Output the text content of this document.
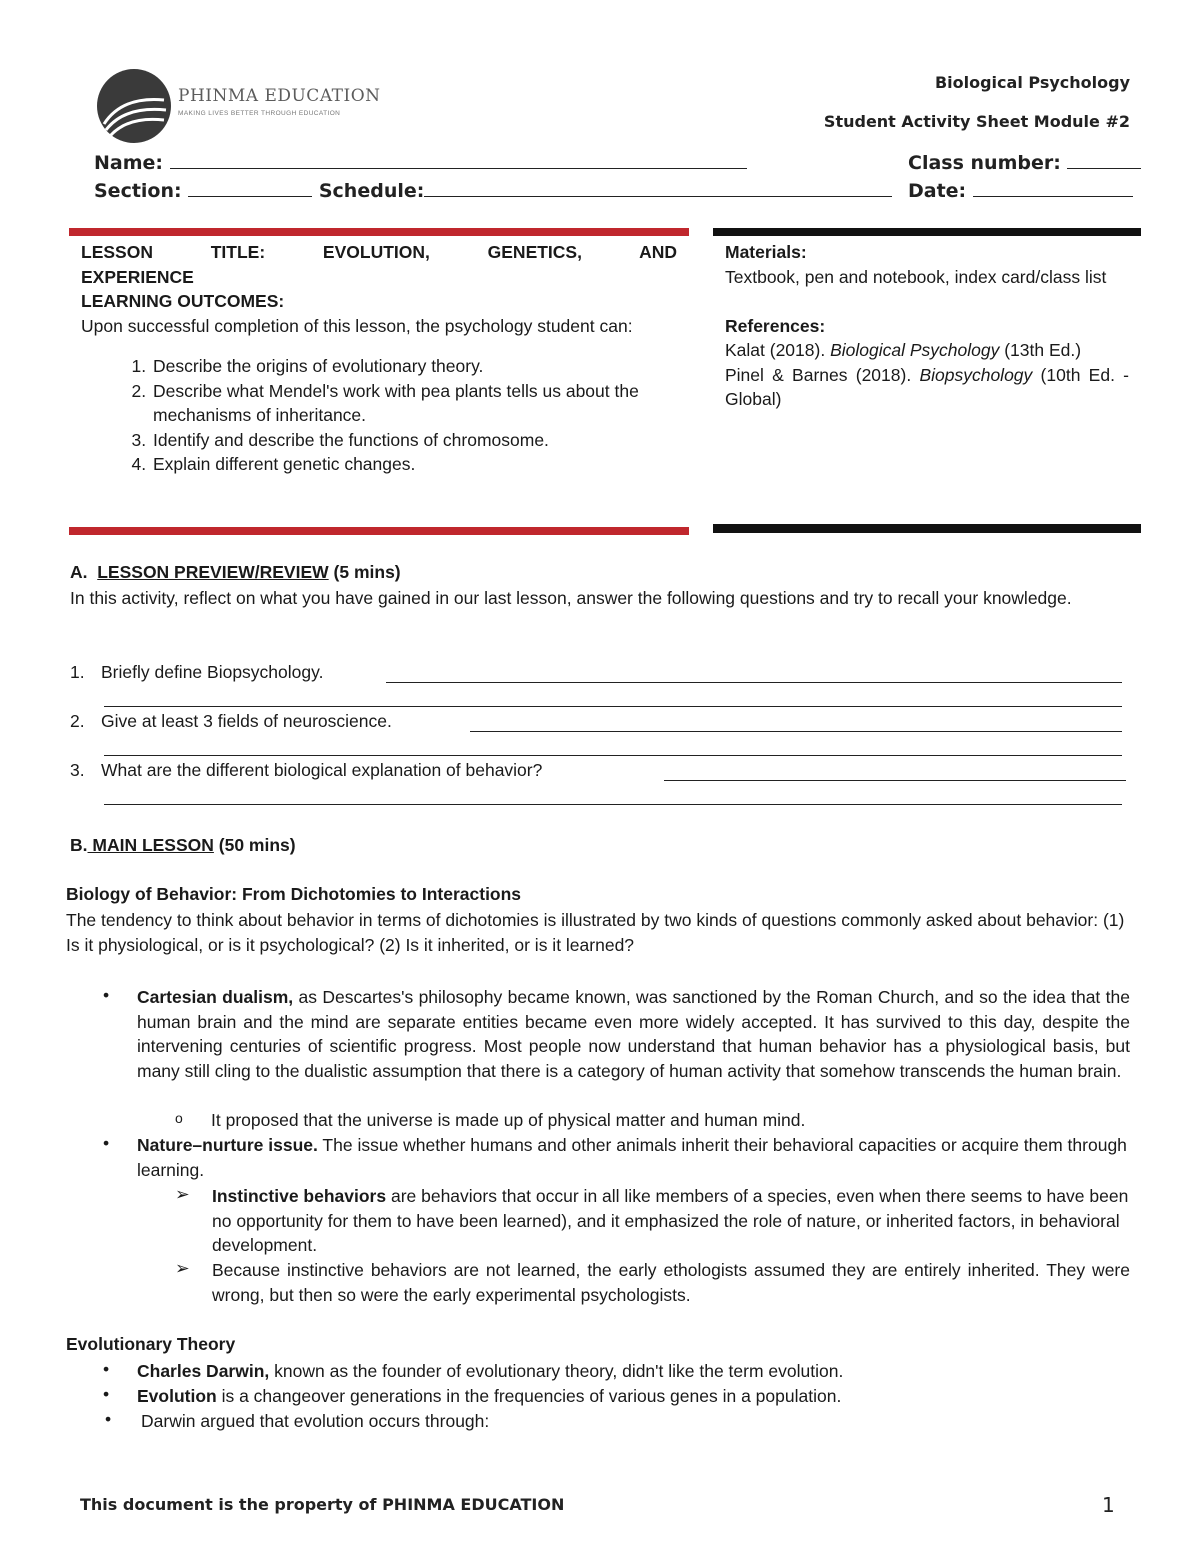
PHINMA EDUCATION
MAKING LIVES BETTER THROUGH EDUCATION
Biological Psychology
Student Activity Sheet Module #2
Name:	Class number:
Section:	Schedule:	Date:
LESSON TITLE: EVOLUTION, GENETICS, AND
EXPERIENCE
LEARNING OUTCOMES:
Upon successful completion of this lesson, the psychology student can:
1. Describe the origins of evolutionary theory.
2. Describe what Mendel's work with pea plants tells us about the mechanisms of inheritance.
3. Identify and describe the functions of chromosome.
4. Explain different genetic changes.
Materials:
Textbook, pen and notebook, index card/class list
References:
Kalat (2018). Biological Psychology (13th Ed.)
Pinel & Barnes (2018). Biopsychology (10th Ed. - Global)
A. LESSON PREVIEW/REVIEW (5 mins)
In this activity, reflect on what you have gained in our last lesson, answer the following questions and try to recall your knowledge.
1. Briefly define Biopsychology.
2. Give at least 3 fields of neuroscience.
3. What are the different biological explanation of behavior?
B. MAIN LESSON (50 mins)
Biology of Behavior: From Dichotomies to Interactions
The tendency to think about behavior in terms of dichotomies is illustrated by two kinds of questions commonly asked about behavior: (1) Is it physiological, or is it psychological? (2) Is it inherited, or is it learned?
• Cartesian dualism, as Descartes's philosophy became known, was sanctioned by the Roman Church, and so the idea that the human brain and the mind are separate entities became even more widely accepted. It has survived to this day, despite the intervening centuries of scientific progress. Most people now understand that human behavior has a physiological basis, but many still cling to the dualistic assumption that there is a category of human activity that somehow transcends the human brain.
o It proposed that the universe is made up of physical matter and human mind.
• Nature–nurture issue. The issue whether humans and other animals inherit their behavioral capacities or acquire them through learning.
➢ Instinctive behaviors are behaviors that occur in all like members of a species, even when there seems to have been no opportunity for them to have been learned), and it emphasized the role of nature, or inherited factors, in behavioral development.
➢ Because instinctive behaviors are not learned, the early ethologists assumed they are entirely inherited. They were wrong, but then so were the early experimental psychologists.
Evolutionary Theory
• Charles Darwin, known as the founder of evolutionary theory, didn't like the term evolution.
• Evolution is a changeover generations in the frequencies of various genes in a population.
• Darwin argued that evolution occurs through:
This document is the property of PHINMA EDUCATION	1
